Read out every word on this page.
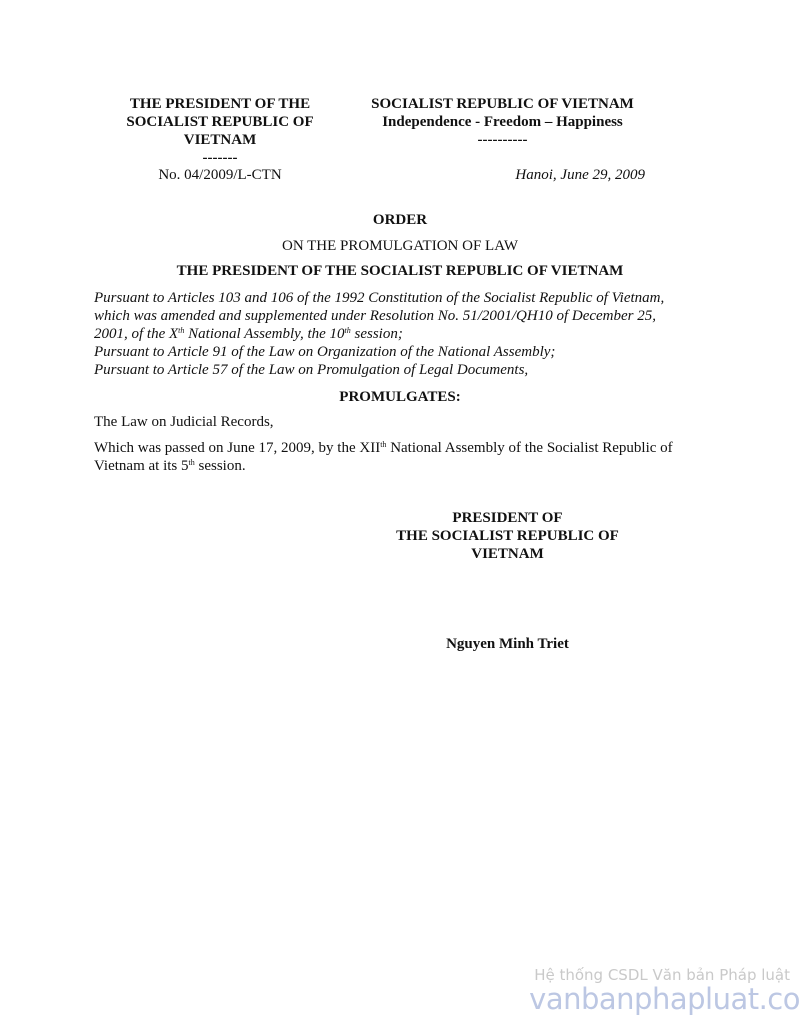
THE PRESIDENT OF THE
SOCIALIST REPUBLIC OF
VIETNAM
-------
SOCIALIST REPUBLIC OF VIETNAM
Independence - Freedom – Happiness
----------
No. 04/2009/L-CTN	Hanoi, June 29, 2009
ORDER
ON THE PROMULGATION OF LAW
THE PRESIDENT OF THE SOCIALIST REPUBLIC OF VIETNAM

Pursuant to Articles 103 and 106 of the 1992 Constitution of the Socialist Republic of Vietnam,

which was amended and supplemented under Resolution No. 51/2001/QH10 of December 25,

2001, of the Xth National Assembly, the 10th session;

Pursuant to Article 91 of the Law on Organization of the National Assembly;

Pursuant to Article 57 of the Law on Promulgation of Legal Documents,

PROMULGATES:

The Law on Judicial Records,

Which was passed on June 17, 2009, by the XIIth National Assembly of the Socialist Republic of

Vietnam at its 5th session.

PRESIDENT OF
THE SOCIALIST REPUBLIC OF
VIETNAM
Nguyen Minh Triet
Hệ thống CSDL Văn bản Pháp luật
vanbanphapluat.co
